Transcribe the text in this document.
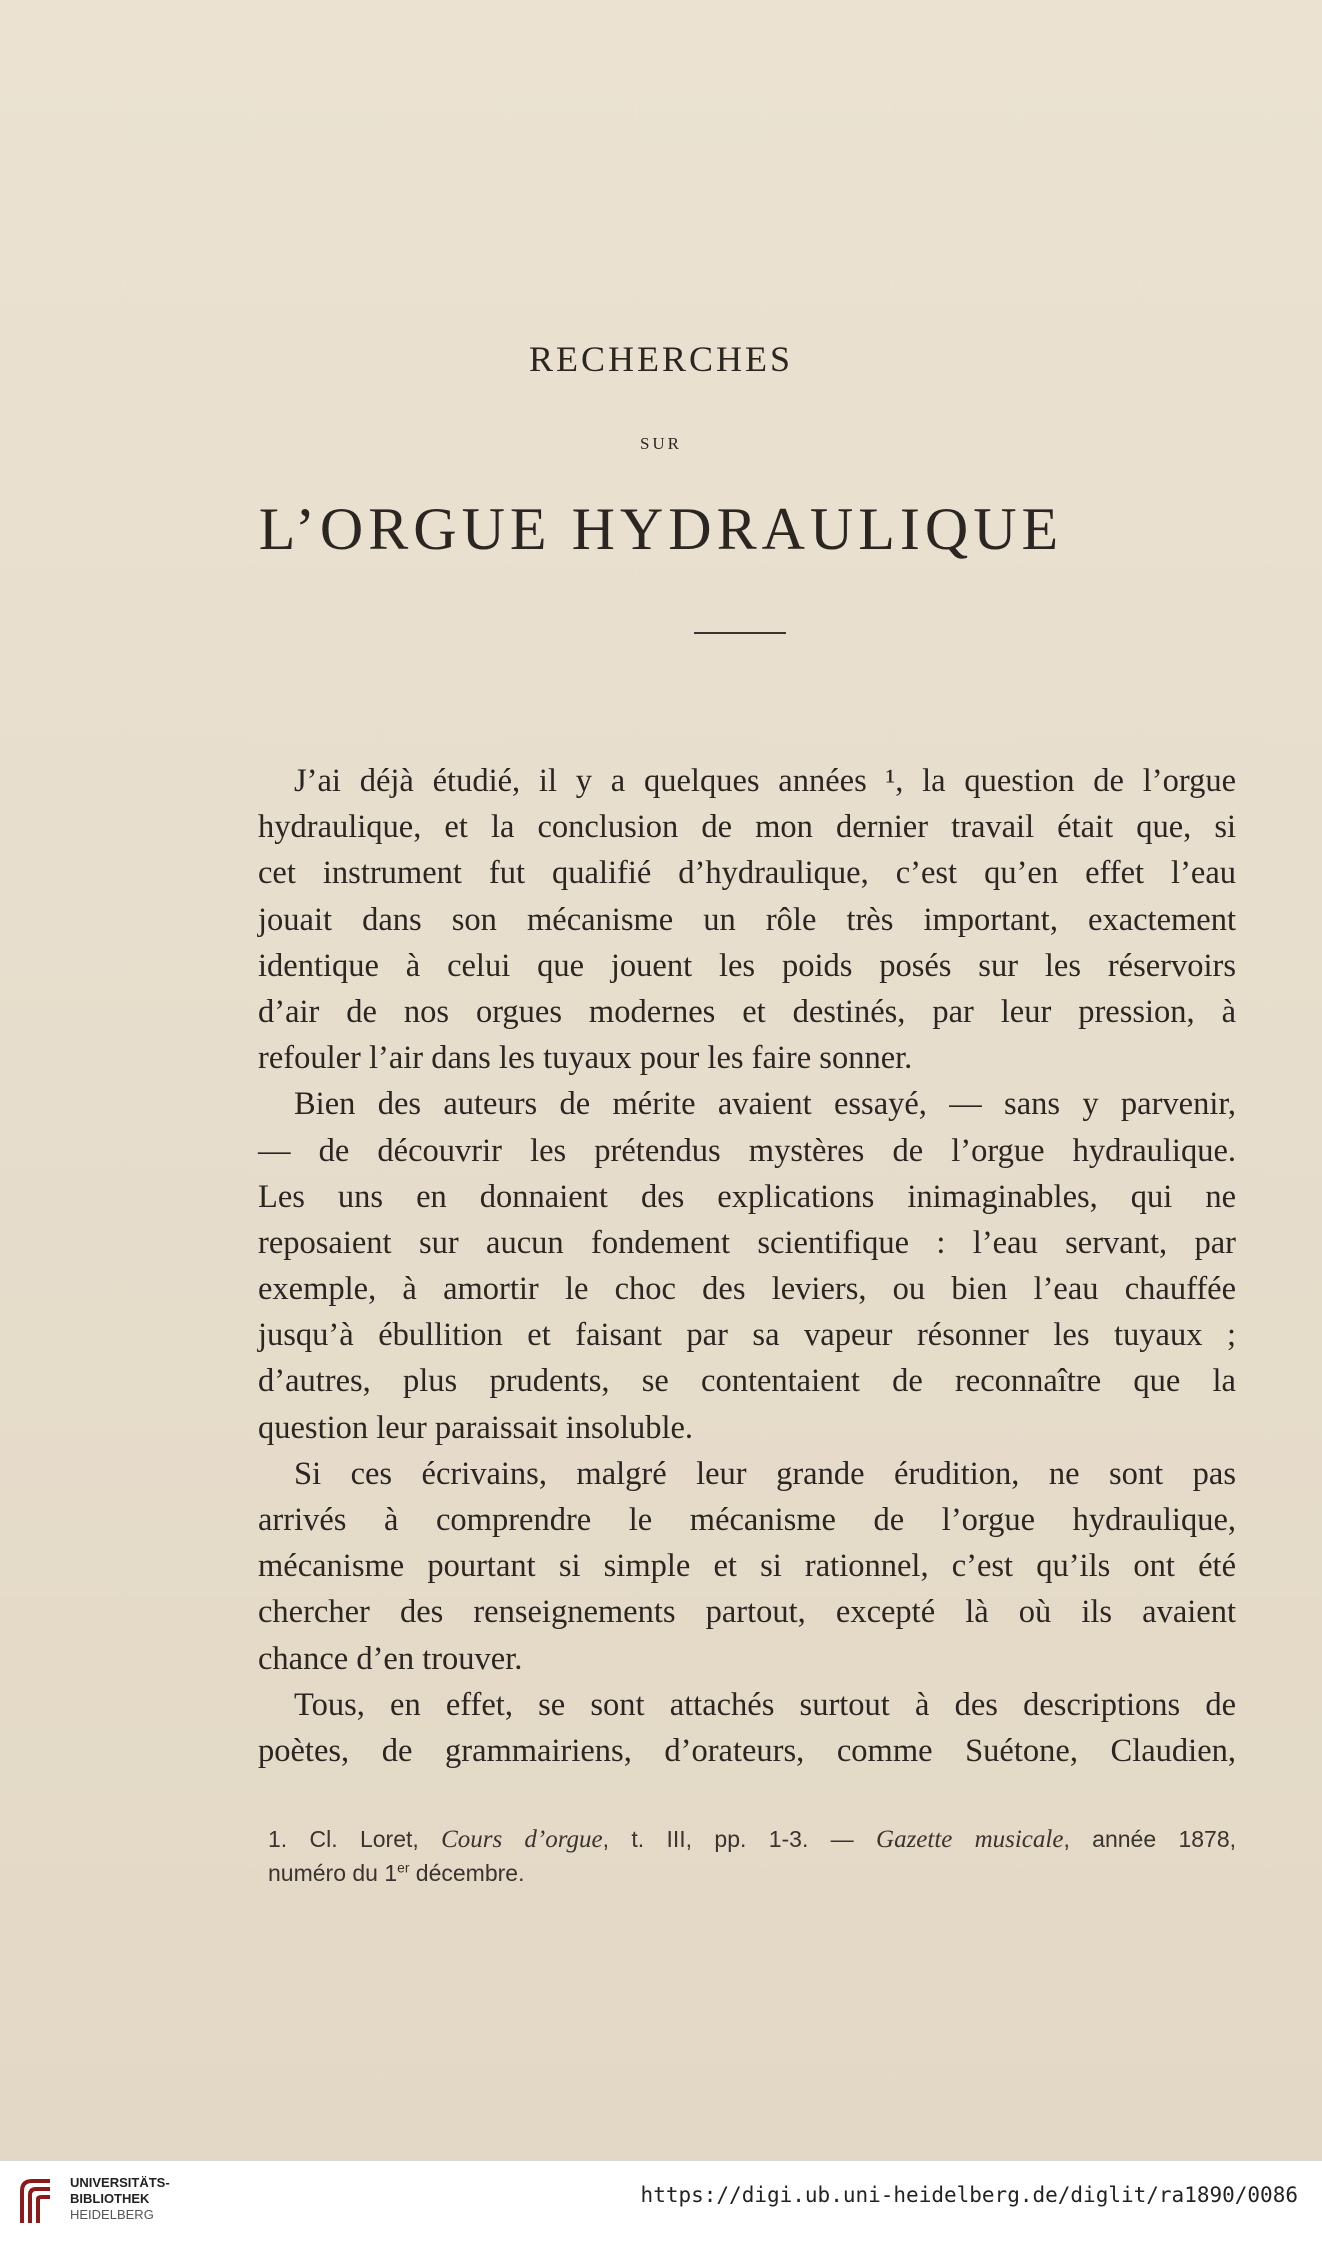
RECHERCHES
SUR
L’ORGUE HYDRAULIQUE
J’ai déjà étudié, il y a quelques années ¹, la question de l’orgue
hydraulique, et la conclusion de mon dernier travail était que, si
cet instrument fut qualifié d’hydraulique, c’est qu’en effet l’eau
jouait dans son mécanisme un rôle très important, exactement
identique à celui que jouent les poids posés sur les réservoirs
d’air de nos orgues modernes et destinés, par leur pression, à
refouler l’air dans les tuyaux pour les faire sonner.
Bien des auteurs de mérite avaient essayé, — sans y parvenir,
— de découvrir les prétendus mystères de l’orgue hydraulique.
Les uns en donnaient des explications inimaginables, qui ne
reposaient sur aucun fondement scientifique : l’eau servant, par
exemple, à amortir le choc des leviers, ou bien l’eau chauffée
jusqu’à ébullition et faisant par sa vapeur résonner les tuyaux ;
d’autres, plus prudents, se contentaient de reconnaître que la
question leur paraissait insoluble.
Si ces écrivains, malgré leur grande érudition, ne sont pas
arrivés à comprendre le mécanisme de l’orgue hydraulique,
mécanisme pourtant si simple et si rationnel, c’est qu’ils ont été
chercher des renseignements partout, excepté là où ils avaient
chance d’en trouver.
Tous, en effet, se sont attachés surtout à des descriptions de
poètes, de grammairiens, d’orateurs, comme Suétone, Claudien,
1. Cl. Loret, Cours d’orgue, t. III, pp. 1-3. — Gazette musicale, année 1878,
numéro du 1er décembre.
UNIVERSITÄTS-
BIBLIOTHEK
HEIDELBERG
https://digi.ub.uni-heidelberg.de/diglit/ra1890/0086
